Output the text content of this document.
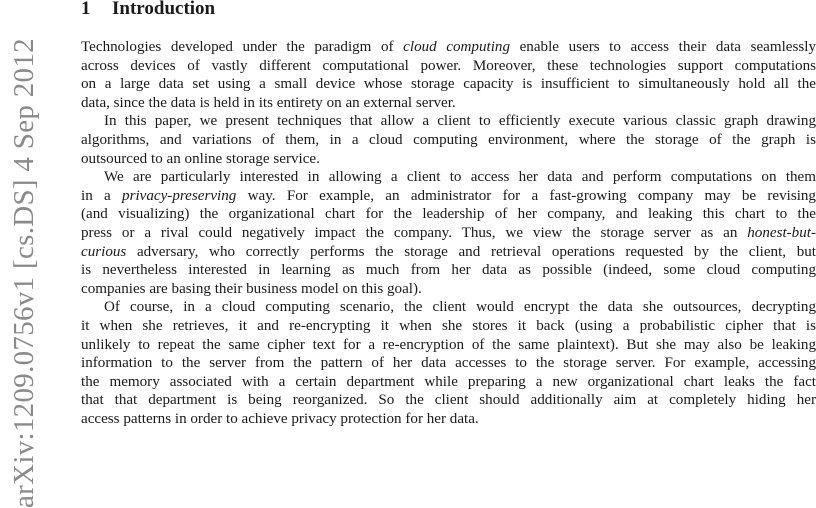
arXiv:1209.0756v1 [cs.DS] 4 Sep 2012
1 Introduction
Technologies developed under the paradigm of cloud computing enable users to access their data seamlessly
across devices of vastly different computational power. Moreover, these technologies support computations
on a large data set using a small device whose storage capacity is insufficient to simultaneously hold all the
data, since the data is held in its entirety on an external server.
In this paper, we present techniques that allow a client to efficiently execute various classic graph drawing
algorithms, and variations of them, in a cloud computing environment, where the storage of the graph is
outsourced to an online storage service.
We are particularly interested in allowing a client to access her data and perform computations on them
in a privacy-preserving way. For example, an administrator for a fast-growing company may be revising
(and visualizing) the organizational chart for the leadership of her company, and leaking this chart to the
press or a rival could negatively impact the company. Thus, we view the storage server as an honest-but-
curious adversary, who correctly performs the storage and retrieval operations requested by the client, but
is nevertheless interested in learning as much from her data as possible (indeed, some cloud computing
companies are basing their business model on this goal).
Of course, in a cloud computing scenario, the client would encrypt the data she outsources, decrypting
it when she retrieves, it and re-encrypting it when she stores it back (using a probabilistic cipher that is
unlikely to repeat the same cipher text for a re-encryption of the same plaintext). But she may also be leaking
information to the server from the pattern of her data accesses to the storage server. For example, accessing
the memory associated with a certain department while preparing a new organizational chart leaks the fact
that that department is being reorganized. So the client should additionally aim at completely hiding her
access patterns in order to achieve privacy protection for her data.
